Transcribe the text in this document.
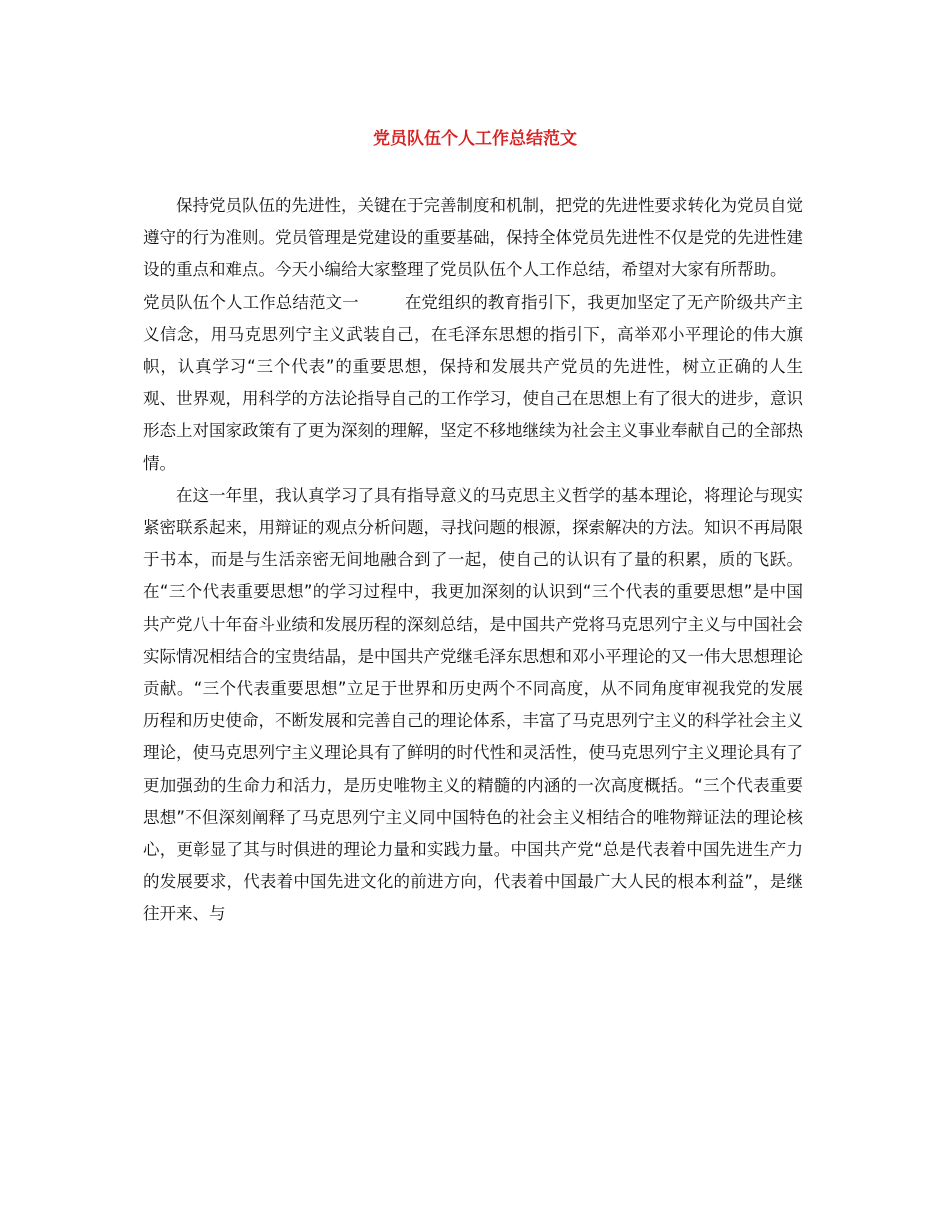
党员队伍个人工作总结范文

保持党员队伍的先进性，关键在于完善制度和机制，把党的先进性要求转化为党员自觉遵守的行为准则。党员管理是党建设的重要基础，保持全体党员先进性不仅是党的先进性建设的重点和难点。今天小编给大家整理了党员队伍个人工作总结，希望对大家有所帮助。

党员队伍个人工作总结范文一	在党组织的教育指引下，我更加坚定了无产阶级共产主义信念，用马克思列宁主义武装自己，在毛泽东思想的指引下，高举邓小平理论的伟大旗帜，认真学习“三个代表”的重要思想，保持和发展共产党员的先进性，树立正确的人生观、世界观，用科学的方法论指导自己的工作学习，使自己在思想上有了很大的进步，意识形态上对国家政策有了更为深刻的理解，坚定不移地继续为社会主义事业奉献自己的全部热情。

在这一年里，我认真学习了具有指导意义的马克思主义哲学的基本理论，将理论与现实紧密联系起来，用辩证的观点分析问题，寻找问题的根源，探索解决的方法。知识不再局限于书本，而是与生活亲密无间地融合到了一起，使自己的认识有了量的积累，质的飞跃。在“三个代表重要思想”的学习过程中，我更加深刻的认识到“三个代表的重要思想”是中国共产党八十年奋斗业绩和发展历程的深刻总结，是中国共产党将马克思列宁主义与中国社会实际情况相结合的宝贵结晶，是中国共产党继毛泽东思想和邓小平理论的又一伟大思想理论贡献。“三个代表重要思想”立足于世界和历史两个不同高度，从不同角度审视我党的发展历程和历史使命，不断发展和完善自己的理论体系，丰富了马克思列宁主义的科学社会主义理论，使马克思列宁主义理论具有了鲜明的时代性和灵活性，使马克思列宁主义理论具有了更加强劲的生命力和活力，是历史唯物主义的精髓的内涵的一次高度概括。“三个代表重要思想”不但深刻阐释了马克思列宁主义同中国特色的社会主义相结合的唯物辩证法的理论核心，更彰显了其与时俱进的理论力量和实践力量。中国共产党“总是代表着中国先进生产力的发展要求，代表着中国先进文化的前进方向，代表着中国最广大人民的根本利益”，是继往开来、与
